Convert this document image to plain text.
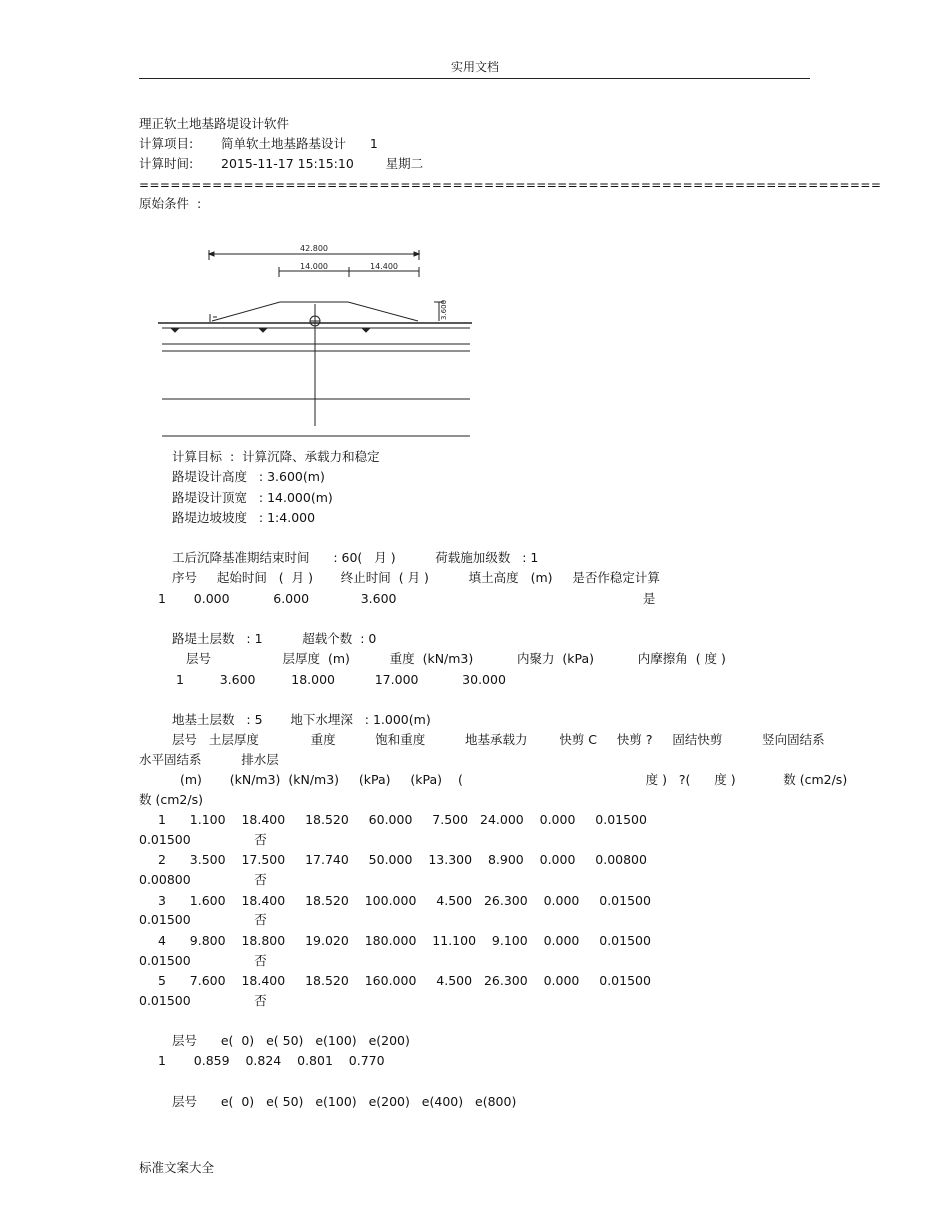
实用文档
理正软土地基路堤设计软件
计算项目:       简单软土地基路基设计      1
计算时间:       2015-11-17 15:15:10        星期二
=======================================================================
原始条件  :
42.800
14.000	14.400
3.600
计算目标  :  计算沉降、承载力和稳定
路堤设计高度   : 3.600(m)
路堤设计顶宽   : 14.000(m)
路堤边坡坡度   : 1:4.000
工后沉降基准期结束时间      : 60(   月 )          荷载施加级数   : 1
序号     起始时间   (  月 )       终止时间  ( 月 )          填土高度   (m)     是否作稳定计算
1       0.000           6.000             3.600                                                              是
路堤土层数   : 1          超载个数  : 0
层号                  层厚度  (m)          重度  (kN/m3)           内聚力  (kPa)           内摩擦角  ( 度 )
1         3.600         18.000          17.000           30.000
地基土层数   : 5       地下水埋深   : 1.000(m)
层号   土层厚度             重度          饱和重度          地基承载力        快剪 C     快剪 ?     固结快剪          竖向固结系
水平固结系          排水层
(m)       (kN/m3)  (kN/m3)     (kPa)     (kPa)    (                                              度 )   ?(      度 )            数 (cm2/s)
数 (cm2/s)
1      1.100    18.400     18.520     60.000     7.500   24.000    0.000     0.01500
0.01500                否
2      3.500    17.500     17.740     50.000    13.300    8.900    0.000     0.00800
0.00800                否
3      1.600    18.400     18.520    100.000     4.500   26.300    0.000     0.01500
0.01500                否
4      9.800    18.800     19.020    180.000    11.100    9.100    0.000     0.01500
0.01500                否
5      7.600    18.400     18.520    160.000     4.500   26.300    0.000     0.01500
0.01500                否
层号      e(  0)   e( 50)   e(100)   e(200)
1       0.859    0.824    0.801    0.770
层号      e(  0)   e( 50)   e(100)   e(200)   e(400)   e(800)
标准文案大全
